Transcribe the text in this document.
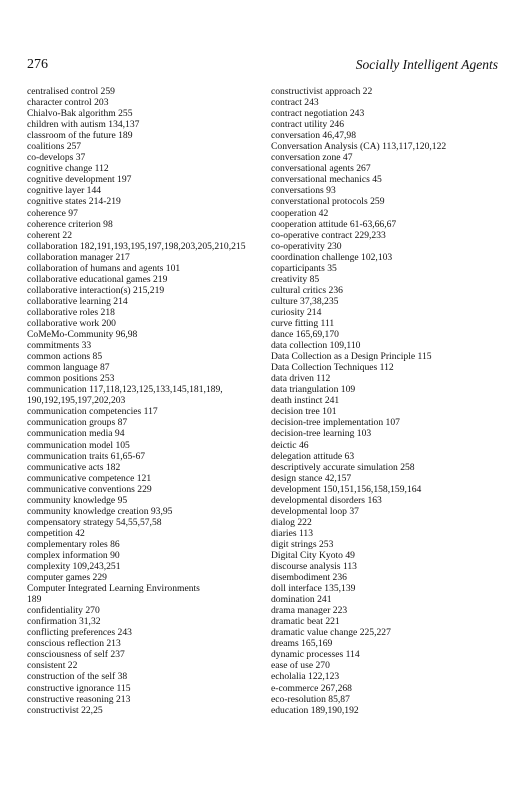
276	Socially Intelligent Agents
centralised control 259
character control 203
Chialvo-Bak algorithm 255
children with autism 134,137
classroom of the future 189
coalitions 257
co-develops 37
cognitive change 112
cognitive development 197
cognitive layer 144
cognitive states 214-219
coherence 97
coherence criterion 98
coherent 22
collaboration 182,191,193,195,197,198,203,205,210,215
collaboration manager 217
collaboration of humans and agents 101
collaborative educational games 219
collaborative interaction(s) 215,219
collaborative learning 214
collaborative roles 218
collaborative work 200
CoMeMo-Community 96,98
commitments 33
common actions 85
common language 87
common positions 253
communication 117,118,123,125,133,145,181,189,
190,192,195,197,202,203
communication competencies 117
communication groups 87
communication media 94
communication model 105
communication traits 61,65-67
communicative acts 182
communicative competence 121
communicative conventions 229
community knowledge 95
community knowledge creation 93,95
compensatory strategy 54,55,57,58
competition 42
complementary roles 86
complex information 90
complexity 109,243,251
computer games 229
Computer Integrated Learning Environments
189
confidentiality 270
confirmation 31,32
conflicting preferences 243
conscious reflection 213
consciousness of self 237
consistent 22
construction of the self 38
constructive ignorance 115
constructive reasoning 213
constructivist 22,25
constructivist approach 22
contract 243
contract negotiation 243
contract utility 246
conversation 46,47,98
Conversation Analysis (CA) 113,117,120,122
conversation zone 47
conversational agents 267
conversational mechanics 45
conversations 93
converstational protocols 259
cooperation 42
cooperation attitude 61-63,66,67
co-operative contract 229,233
co-operativity 230
coordination challenge 102,103
coparticipants 35
creativity 85
cultural critics 236
culture 37,38,235
curiosity 214
curve fitting 111
dance 165,69,170
data collection 109,110
Data Collection as a Design Principle 115
Data Collection Techniques 112
data driven 112
data triangulation 109
death instinct 241
decision tree 101
decision-tree implementation 107
decision-tree learning 103
deictic 46
delegation attitude 63
descriptively accurate simulation 258
design stance 42,157
development 150,151,156,158,159,164
developmental disorders 163
developmental loop 37
dialog 222
diaries 113
digit strings 253
Digital City Kyoto 49
discourse analysis 113
disembodiment 236
doll interface 135,139
domination 241
drama manager 223
dramatic beat 221
dramatic value change 225,227
dreams 165,169
dynamic processes 114
ease of use 270
echolalia 122,123
e-commerce 267,268
eco-resolution 85,87
education 189,190,192
